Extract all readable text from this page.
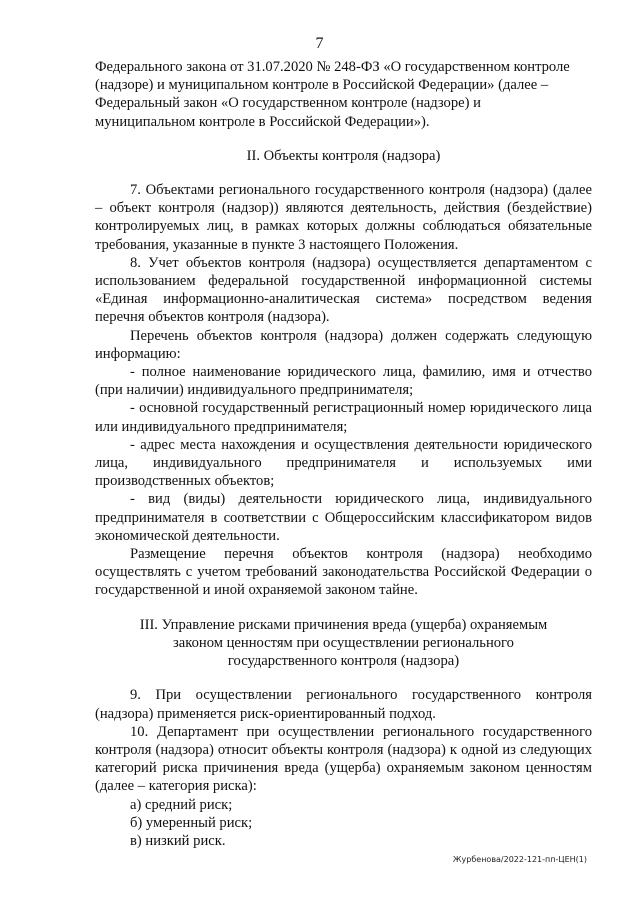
7

Федерального закона от 31.07.2020 № 248-ФЗ «О государственном контроле
(надзоре) и муниципальном контроле в Российской Федерации» (далее –
Федеральный закон «О государственном контроле (надзоре) и
муниципальном контроле в Российской Федерации»).

II. Объекты контроля (надзора)

7. Объектами регионального государственного контроля (надзора) (далее – объект контроля (надзор)) являются деятельность, действия (бездействие) контролируемых лиц, в рамках которых должны соблюдаться обязательные требования, указанные в пункте 3 настоящего Положения.

8. Учет объектов контроля (надзора) осуществляется департаментом с использованием федеральной государственной информационной системы «Единая информационно-аналитическая система» посредством ведения перечня объектов контроля (надзора).

Перечень объектов контроля (надзора) должен содержать следующую информацию:

- полное наименование юридического лица, фамилию, имя и отчество (при наличии) индивидуального предпринимателя;

- основной государственный регистрационный номер юридического лица или индивидуального предпринимателя;

- адрес места нахождения и осуществления деятельности юридического лица, индивидуального предпринимателя и используемых ими производственных объектов;

- вид (виды) деятельности юридического лица, индивидуального предпринимателя в соответствии с Общероссийским классификатором видов экономической деятельности.

Размещение перечня объектов контроля (надзора) необходимо осуществлять с учетом требований законодательства Российской Федерации о государственной и иной охраняемой законом тайне.

III. Управление рисками причинения вреда (ущерба) охраняемым
законом ценностям при осуществлении регионального
государственного контроля (надзора)

9. При осуществлении регионального государственного контроля (надзора) применяется риск-ориентированный подход.

10. Департамент при осуществлении регионального государственного контроля (надзора) относит объекты контроля (надзора) к одной из следующих категорий риска причинения вреда (ущерба) охраняемым законом ценностям (далее – категория риска):

а) средний риск;

б) умеренный риск;

в) низкий риск.

Журбенова/2022-121-пп-ЦЕН(1)
